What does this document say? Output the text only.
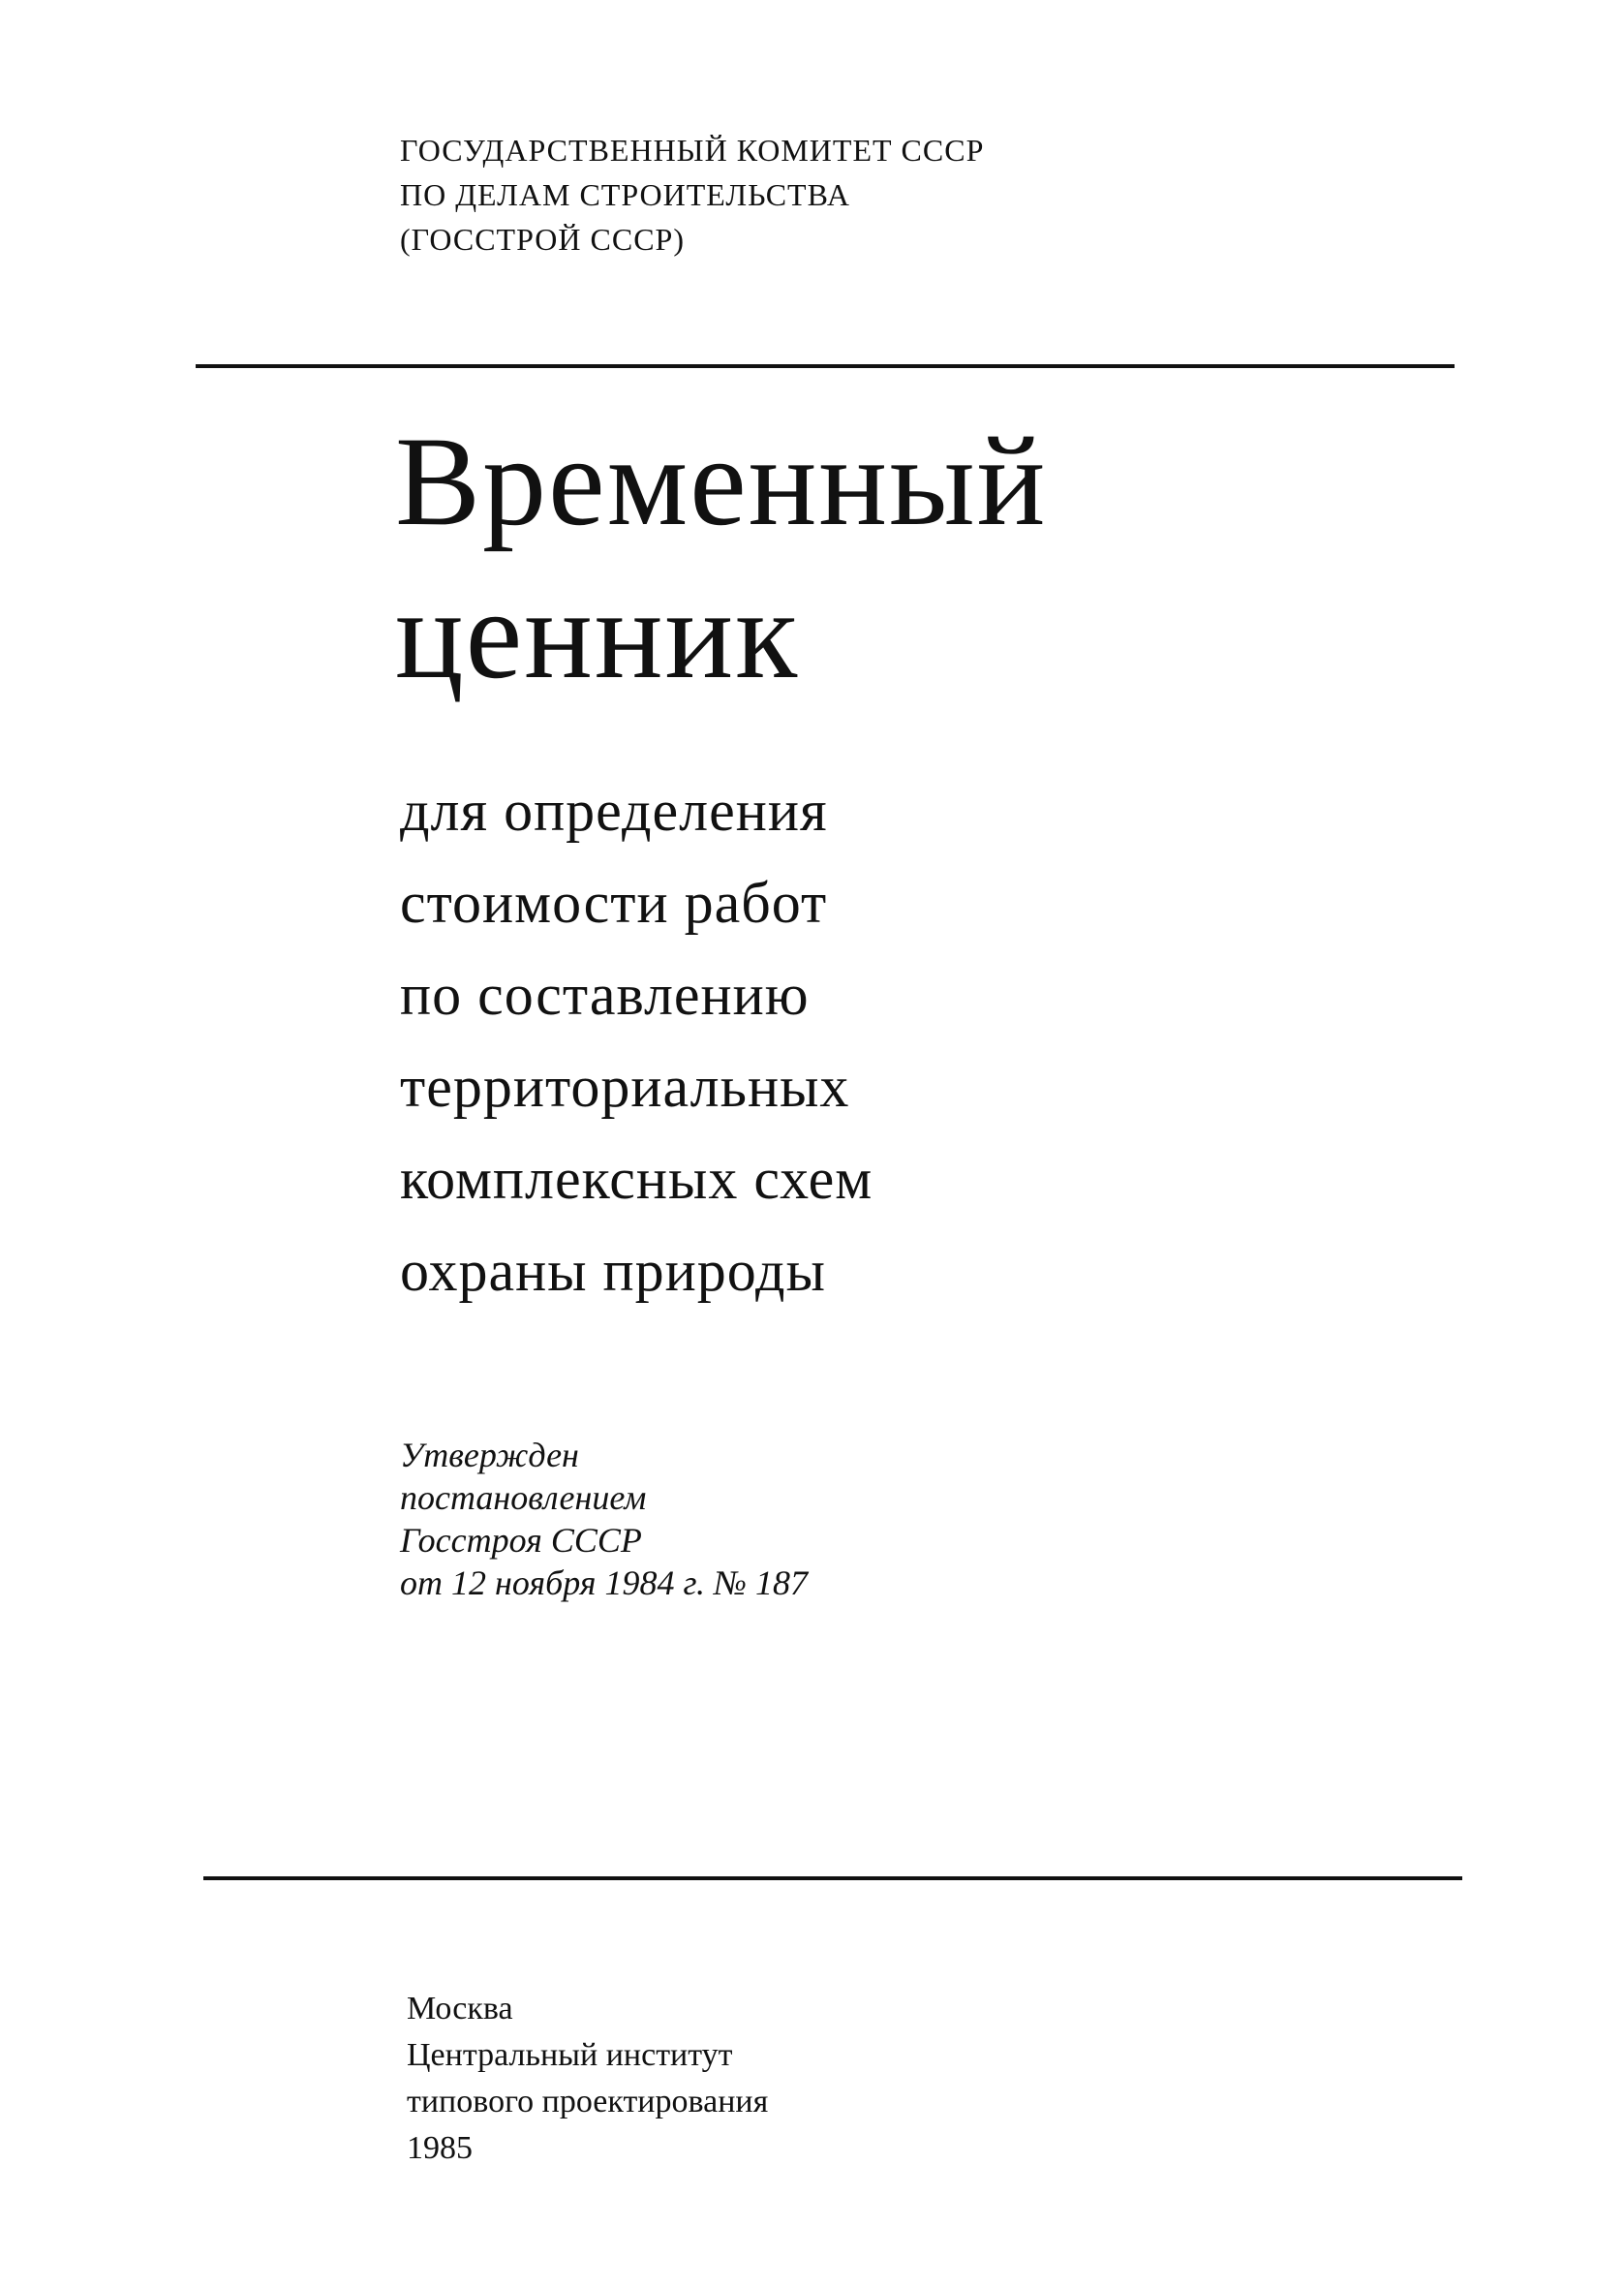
ГОСУДАРСТВЕННЫЙ КОМИТЕТ СССР
ПО ДЕЛАМ СТРОИТЕЛЬСТВА
(ГОССТРОЙ СССР)
Временный
ценник
для определения
стоимости работ
по составлению
территориальных
комплексных схем
охраны природы
Утвержден
постановлением
Госстроя СССР
от 12 ноября 1984 г. № 187
Москва
Центральный институт
типового проектирования
1985
